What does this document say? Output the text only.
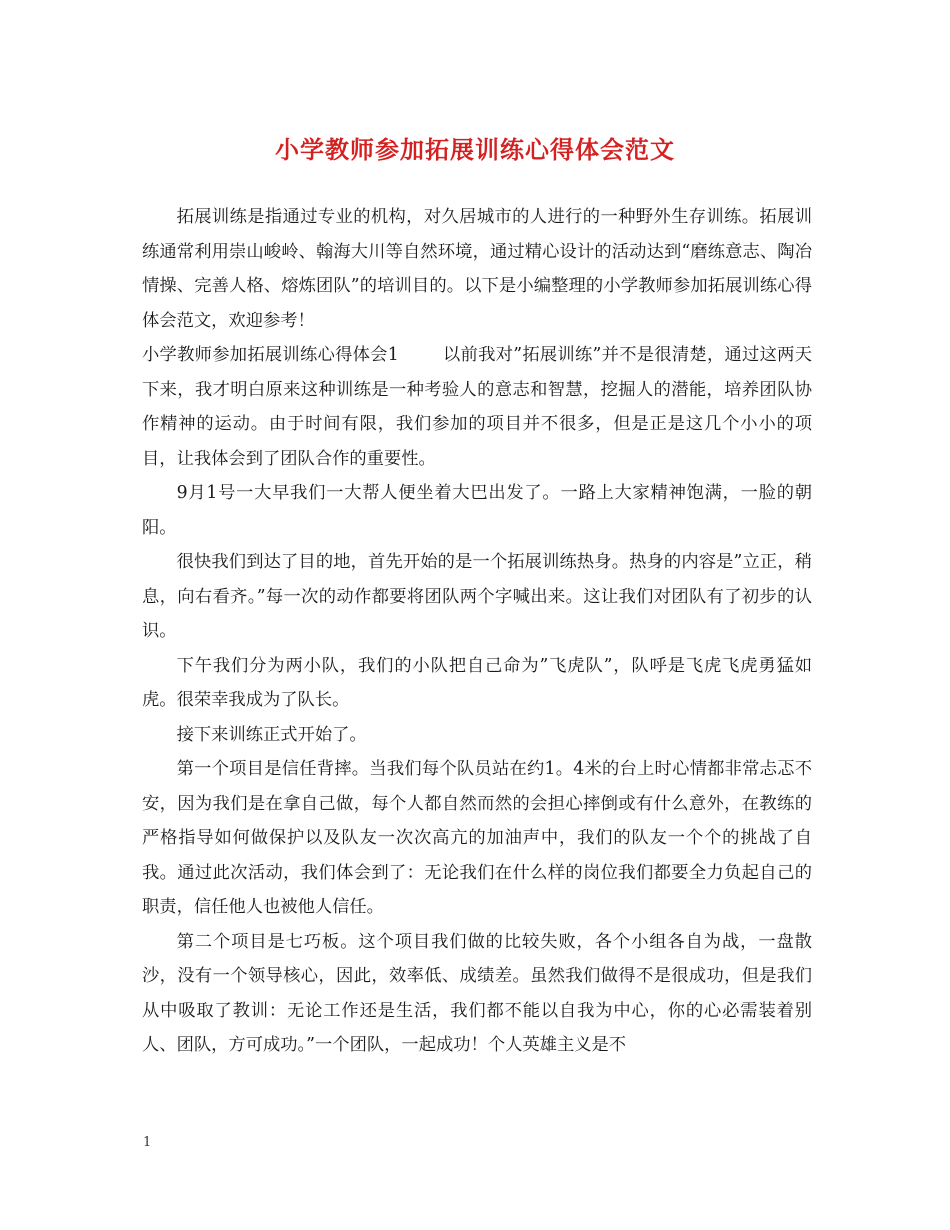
小学教师参加拓展训练心得体会范文

拓展训练是指通过专业的机构，对久居城市的人进行的一种野外生存训练。拓展训练通常利用崇山峻岭、翰海大川等自然环境，通过精心设计的活动达到“磨练意志、陶冶情操、完善人格、熔炼团队”的培训目的。以下是小编整理的小学教师参加拓展训练心得体会范文，欢迎参考！

小学教师参加拓展训练心得体会1	以前我对”拓展训练”并不是很清楚，通过这两天下来，我才明白原来这种训练是一种考验人的意志和智慧，挖掘人的潜能，培养团队协作精神的运动。由于时间有限，我们参加的项目并不很多，但是正是这几个小小的项目，让我体会到了团队合作的重要性。

9月1号一大早我们一大帮人便坐着大巴出发了。一路上大家精神饱满，一脸的朝阳。

很快我们到达了目的地，首先开始的是一个拓展训练热身。热身的内容是”立正，稍息，向右看齐。”每一次的动作都要将团队两个字喊出来。这让我们对团队有了初步的认识。

下午我们分为两小队，我们的小队把自己命为”飞虎队”，队呼是飞虎飞虎勇猛如虎。很荣幸我成为了队长。

接下来训练正式开始了。

第一个项目是信任背摔。当我们每个队员站在约1。4米的台上时心情都非常忐忑不安，因为我们是在拿自己做，每个人都自然而然的会担心摔倒或有什么意外，在教练的严格指导如何做保护以及队友一次次高亢的加油声中，我们的队友一个个的挑战了自我。通过此次活动，我们体会到了：无论我们在什么样的岗位我们都要全力负起自己的职责，信任他人也被他人信任。

第二个项目是七巧板。这个项目我们做的比较失败，各个小组各自为战，一盘散沙，没有一个领导核心，因此，效率低、成绩差。虽然我们做得不是很成功，但是我们从中吸取了教训：无论工作还是生活，我们都不能以自我为中心，你的心必需装着别人、团队，方可成功。”一个团队，一起成功！个人英雄主义是不

1
